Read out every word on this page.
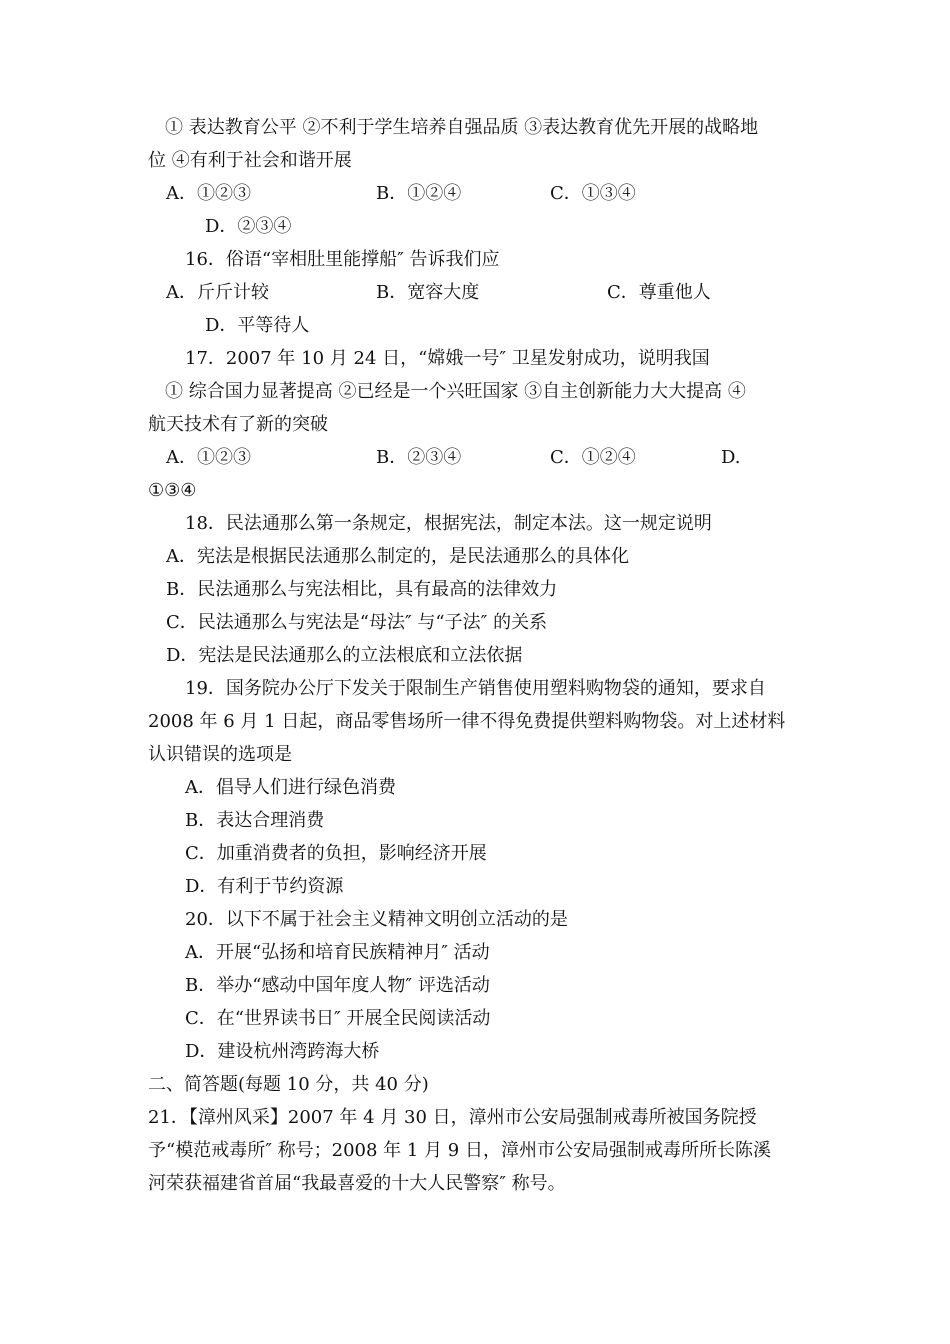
① 表达教育公平 ②不利于学生培养自强品质 ③表达教育优先开展的战略地
位 ④有利于社会和谐开展
A．①②③	B．①②④	C．①③④
D．②③④
16．俗语“宰相肚里能撑船″ 告诉我们应
A．斤斤计较	B．宽容大度	C．尊重他人
D．平等待人
17．2007 年 10 月 24 日，“嫦娥一号″ 卫星发射成功，说明我国
① 综合国力显著提高 ②已经是一个兴旺国家 ③自主创新能力大大提高 ④
航天技术有了新的突破
A．①②③	B．②③④	C．①②④	D.
①③④
18．民法通那么第一条规定，根据宪法，制定本法。这一规定说明
A．宪法是根据民法通那么制定的，是民法通那么的具体化
B．民法通那么与宪法相比，具有最高的法律效力
C．民法通那么与宪法是“母法″ 与“子法″ 的关系
D．宪法是民法通那么的立法根底和立法依据
19．国务院办公厅下发关于限制生产销售使用塑料购物袋的通知，要求自
2008 年 6 月 1 日起，商品零售场所一律不得免费提供塑料购物袋。对上述材料
认识错误的选项是
A．倡导人们进行绿色消费
B．表达合理消费
C．加重消费者的负担，影响经济开展
D．有利于节约资源
20．以下不属于社会主义精神文明创立活动的是
A．开展“弘扬和培育民族精神月″ 活动
B．举办“感动中国年度人物″ 评选活动
C．在“世界读书日″ 开展全民阅读活动
D．建设杭州湾跨海大桥
二、简答题(每题 10 分，共 40 分)
21．【漳州风采】2007 年 4 月 30 日，漳州市公安局强制戒毒所被国务院授
予“模范戒毒所″ 称号；2008 年 1 月 9 日，漳州市公安局强制戒毒所所长陈溪
河荣获福建省首届“我最喜爱的十大人民警察″ 称号。
